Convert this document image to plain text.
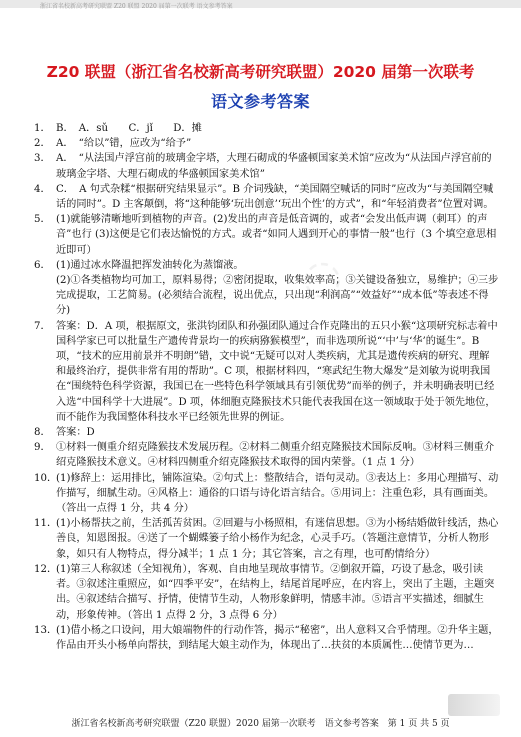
浙江省名校新高考研究联盟 Z20 联盟 2020 届第一次联考 语文参考答案
Z20 联盟（浙江省名校新高考研究联盟）2020 届第一次联考
语文参考答案
1． B．　A．sǔ　　C．jǐ　　D．摊

2． A．　“给以”错，应改为“给予”

3． A．　“从法国卢浮宫前的玻璃金字塔，大理石砌成的华盛顿国家美术馆”应改为“从法国卢浮宫前的玻璃金字塔、大理石砌成的华盛顿国家美术馆”

4． C．　A 句式杂糅“根据研究结果显示”。B 介词残缺，“美国隔空喊话的同时”应改为“与美国隔空喊话的同时”。D 主客颠倒，将“这种能够‘玩出创意’‘玩出个性’的方式”，和“年轻消费者”位置对调。

5． (1)就能够清晰地听到植物的声音。(2)发出的声音是低音调的，或者“会发出低声调（刺耳）的声音”也行 (3)这便是它们表达愉悦的方式。或者“如同人遇到开心的事情一般”也行（3 个填空意思相近即可）

6． (1)通过冰水降温把挥发油转化为蒸馏液。

(2)①各类植物均可加工，原料易得；②密闭提取，收集效率高；③关键设备独立，易维护；④三步完成提取，工艺简易。(必须结合流程，说出优点，只出现“利润高”“效益好”“成本低”等表述不得分)

7． 答案：D．A 项，根据原文，张洪钧团队和孙强团队通过合作克隆出的五只小猴“这项研究标志着中国科学家已可以批量生产遗传背景均一的疾病猕猴模型”，而非选项所说“‘中’与‘华’的诞生”。B 项，“技术的应用前景并不明朗”错，文中说“无疑可以对人类疾病，尤其是遗传疾病的研究、理解和最终治疗，提供非常有用的帮助”。C 项，根据材料四，“寒武纪生物大爆发”是刘敏为说明我国在“围绕特色科学资源，我国已在一些特色科学领域具有引领优势”而举的例子，并未明确表明已经入选“中国科学十大进展”。D 项，体细胞克隆猴技术只能代表我国在这一领域取于处于领先地位，而不能作为我国整体科技水平已经领先世界的例证。

8． 答案：D

9． ①材料一侧重介绍克隆猴技术发展历程。②材料二侧重介绍克隆猴技术国际反响。③材料三侧重介绍克隆猴技术意义。④材料四侧重介绍克隆猴技术取得的国内荣誉。（1 点 1 分）

10．

(1)修辞上：运用排比，铺陈渲染。②句式上：整散结合，语句灵动。③表达上：多用心理描写、动作描写，细腻生动。④风格上：通俗的口语与诗化语言结合。⑤用词上：注重色彩，具有画面美。（答出一点得 1 分，共 4 分）

11．

(1)小杨帮扶之前，生活孤苦贫困。②回避与小杨照相，有迷信思想。③为小杨结婚做针线活，热心善良，知恩图报。④送了一个蝴蝶篓子给小杨作为纪念，心灵手巧。（答题注意情节，分析人物形象，如只有人物特点，得分减半；1 点 1 分；其它答案，言之有理，也可酌情给分）

12．

(1)第三人称叙述（全知视角），客观、自由地呈现故事情节。②倒叙开篇，巧设了悬念，吸引读者。③叙述注重照应，如“四季平安”，在结构上，结尾首尾呼应，在内容上，突出了主题，主题突出。④叙述结合描写、抒情，使情节生动，人物形象鲜明，情感丰沛。⑤语言平实描述，细腻生动，形象传神。（答出 1 点得 2 分，3 点得 6 分）

13．

(1)借小杨之口设问，用大娘端物件的行动作答，揭示“秘密”，出人意料又合乎情理。②升华主题，作品由开头小杨单向帮扶，到结尾大娘主动作为，体现出了…扶贫的本质属性…使情节更为…

◌
浙江省名校新高考研究联盟（Z20 联盟）2020 届第一次联考　语文参考答案　第 1 页 共 5 页
